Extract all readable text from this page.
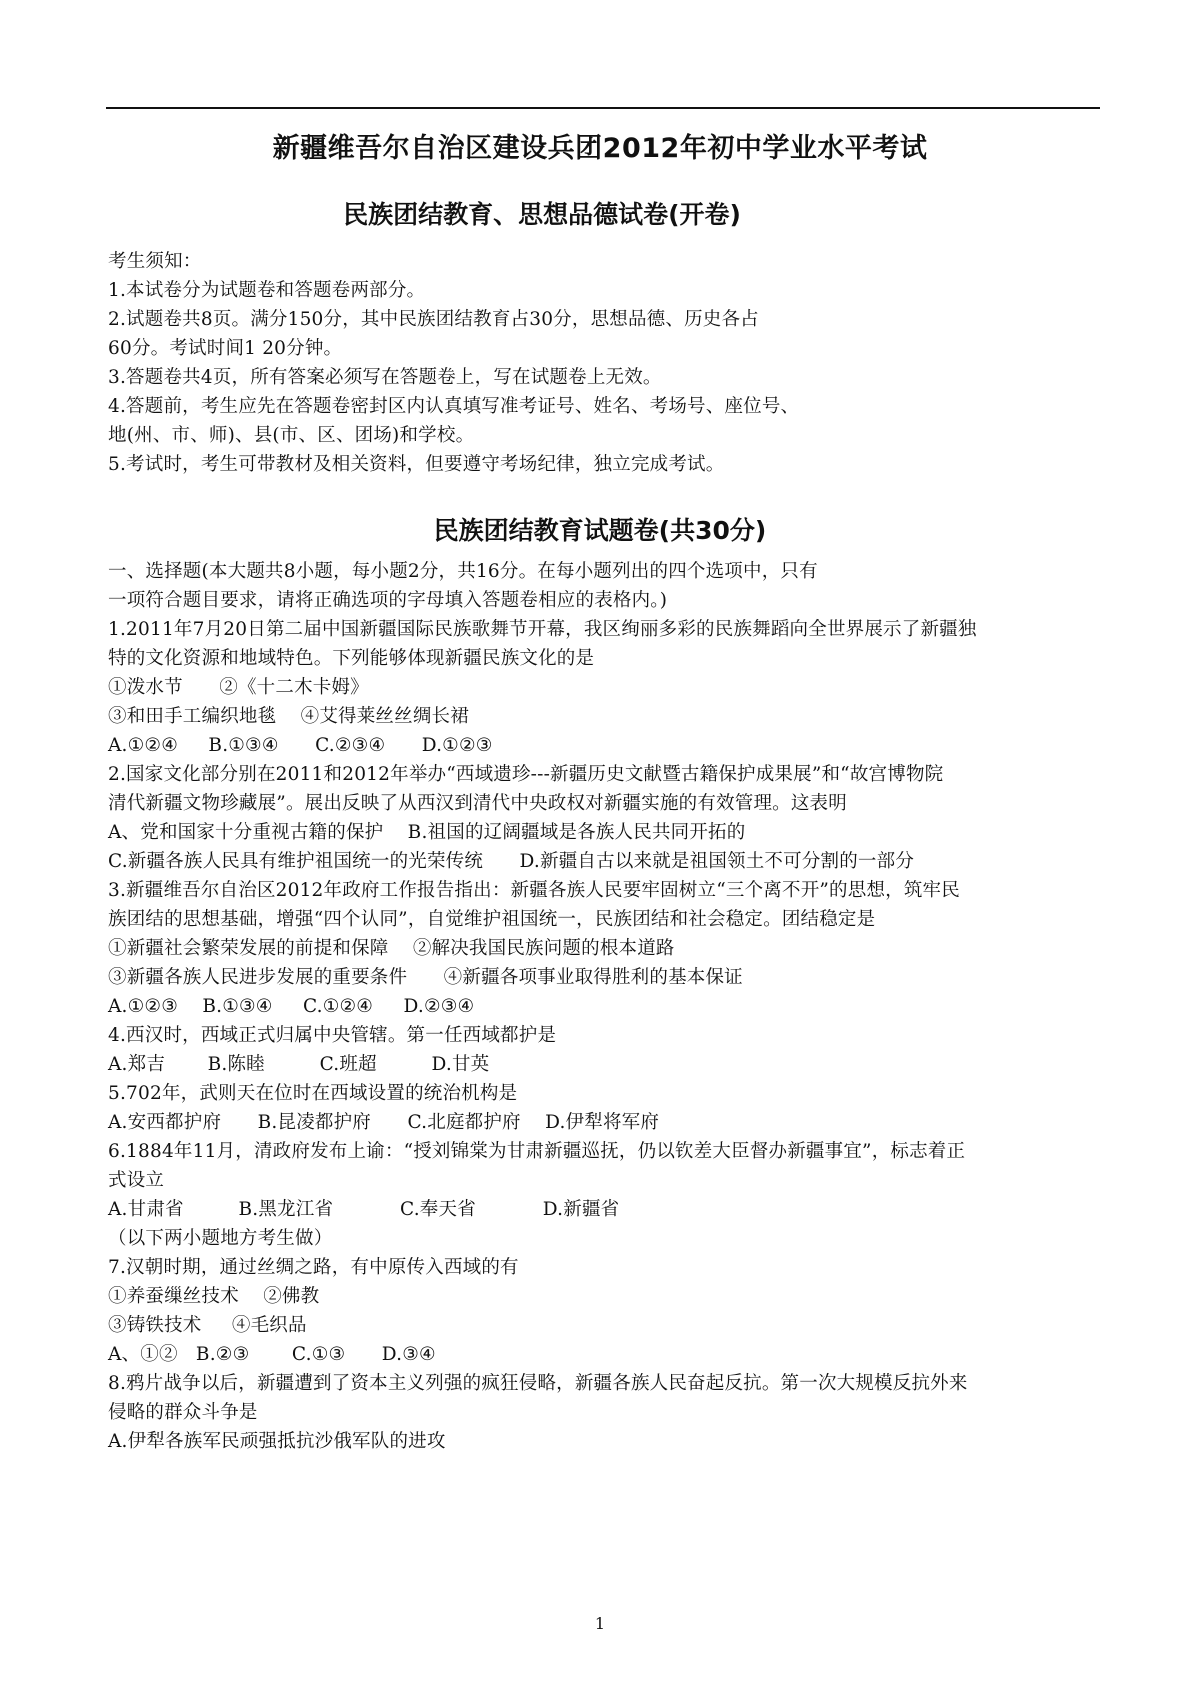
新疆维吾尔自治区建设兵团2012年初中学业水平考试
民族团结教育、思想品德试卷(开卷)
考生须知：
1.本试卷分为试题卷和答题卷两部分。
2.试题卷共8页。满分150分，其中民族团结教育占30分，思想品德、历史各占
60分。考试时间1 20分钟。
3.答题卷共4页，所有答案必须写在答题卷上，写在试题卷上无效。
4.答题前，考生应先在答题卷密封区内认真填写准考证号、姓名、考场号、座位号、
地(州、市、师)、县(市、区、团场)和学校。
5.考试时，考生可带教材及相关资料，但要遵守考场纪律，独立完成考试。
民族团结教育试题卷(共30分)
一、选择题(本大题共8小题，每小题2分，共16分。在每小题列出的四个选项中，只有
一项符合题目要求，请将正确选项的字母填入答题卷相应的表格内。)
1.2011年7月20日第二届中国新疆国际民族歌舞节开幕，我区绚丽多彩的民族舞蹈向全世界展示了新疆独
特的文化资源和地域特色。下列能够体现新疆民族文化的是
①泼水节      ②《十二木卡姆》
③和田手工编织地毯    ④艾得莱丝丝绸长裙
A.①②④     B.①③④      C.②③④      D.①②③
2.国家文化部分别在2011和2012年举办“西域遗珍---新疆历史文献暨古籍保护成果展”和“故宫博物院
清代新疆文物珍藏展”。展出反映了从西汉到清代中央政权对新疆实施的有效管理。这表明
A、党和国家十分重视古籍的保护    B.祖国的辽阔疆域是各族人民共同开拓的
C.新疆各族人民具有维护祖国统一的光荣传统      D.新疆自古以来就是祖国领土不可分割的一部分
3.新疆维吾尔自治区2012年政府工作报告指出：新疆各族人民要牢固树立“三个离不开”的思想，筑牢民
族团结的思想基础，增强“四个认同”，自觉维护祖国统一，民族团结和社会稳定。团结稳定是
①新疆社会繁荣发展的前提和保障    ②解决我国民族问题的根本道路
③新疆各族人民进步发展的重要条件      ④新疆各项事业取得胜利的基本保证
A.①②③    B.①③④     C.①②④     D.②③④
4.西汉时，西域正式归属中央管辖。第一任西域都护是
A.郑吉       B.陈睦         C.班超         D.甘英
5.702年，武则天在位时在西域设置的统治机构是
A.安西都护府      B.昆凌都护府      C.北庭都护府    D.伊犁将军府
6.1884年11月，清政府发布上谕：“授刘锦棠为甘肃新疆巡抚，仍以钦差大臣督办新疆事宜”，标志着正
式设立
A.甘肃省         B.黑龙江省           C.奉天省           D.新疆省
（以下两小题地方考生做）
7.汉朝时期，通过丝绸之路，有中原传入西域的有
①养蚕缫丝技术    ②佛教
③铸铁技术     ④毛织品
A、①②   B.②③       C.①③      D.③④
8.鸦片战争以后，新疆遭到了资本主义列强的疯狂侵略，新疆各族人民奋起反抗。第一次大规模反抗外来
侵略的群众斗争是
A.伊犁各族军民顽强抵抗沙俄军队的进攻
1
